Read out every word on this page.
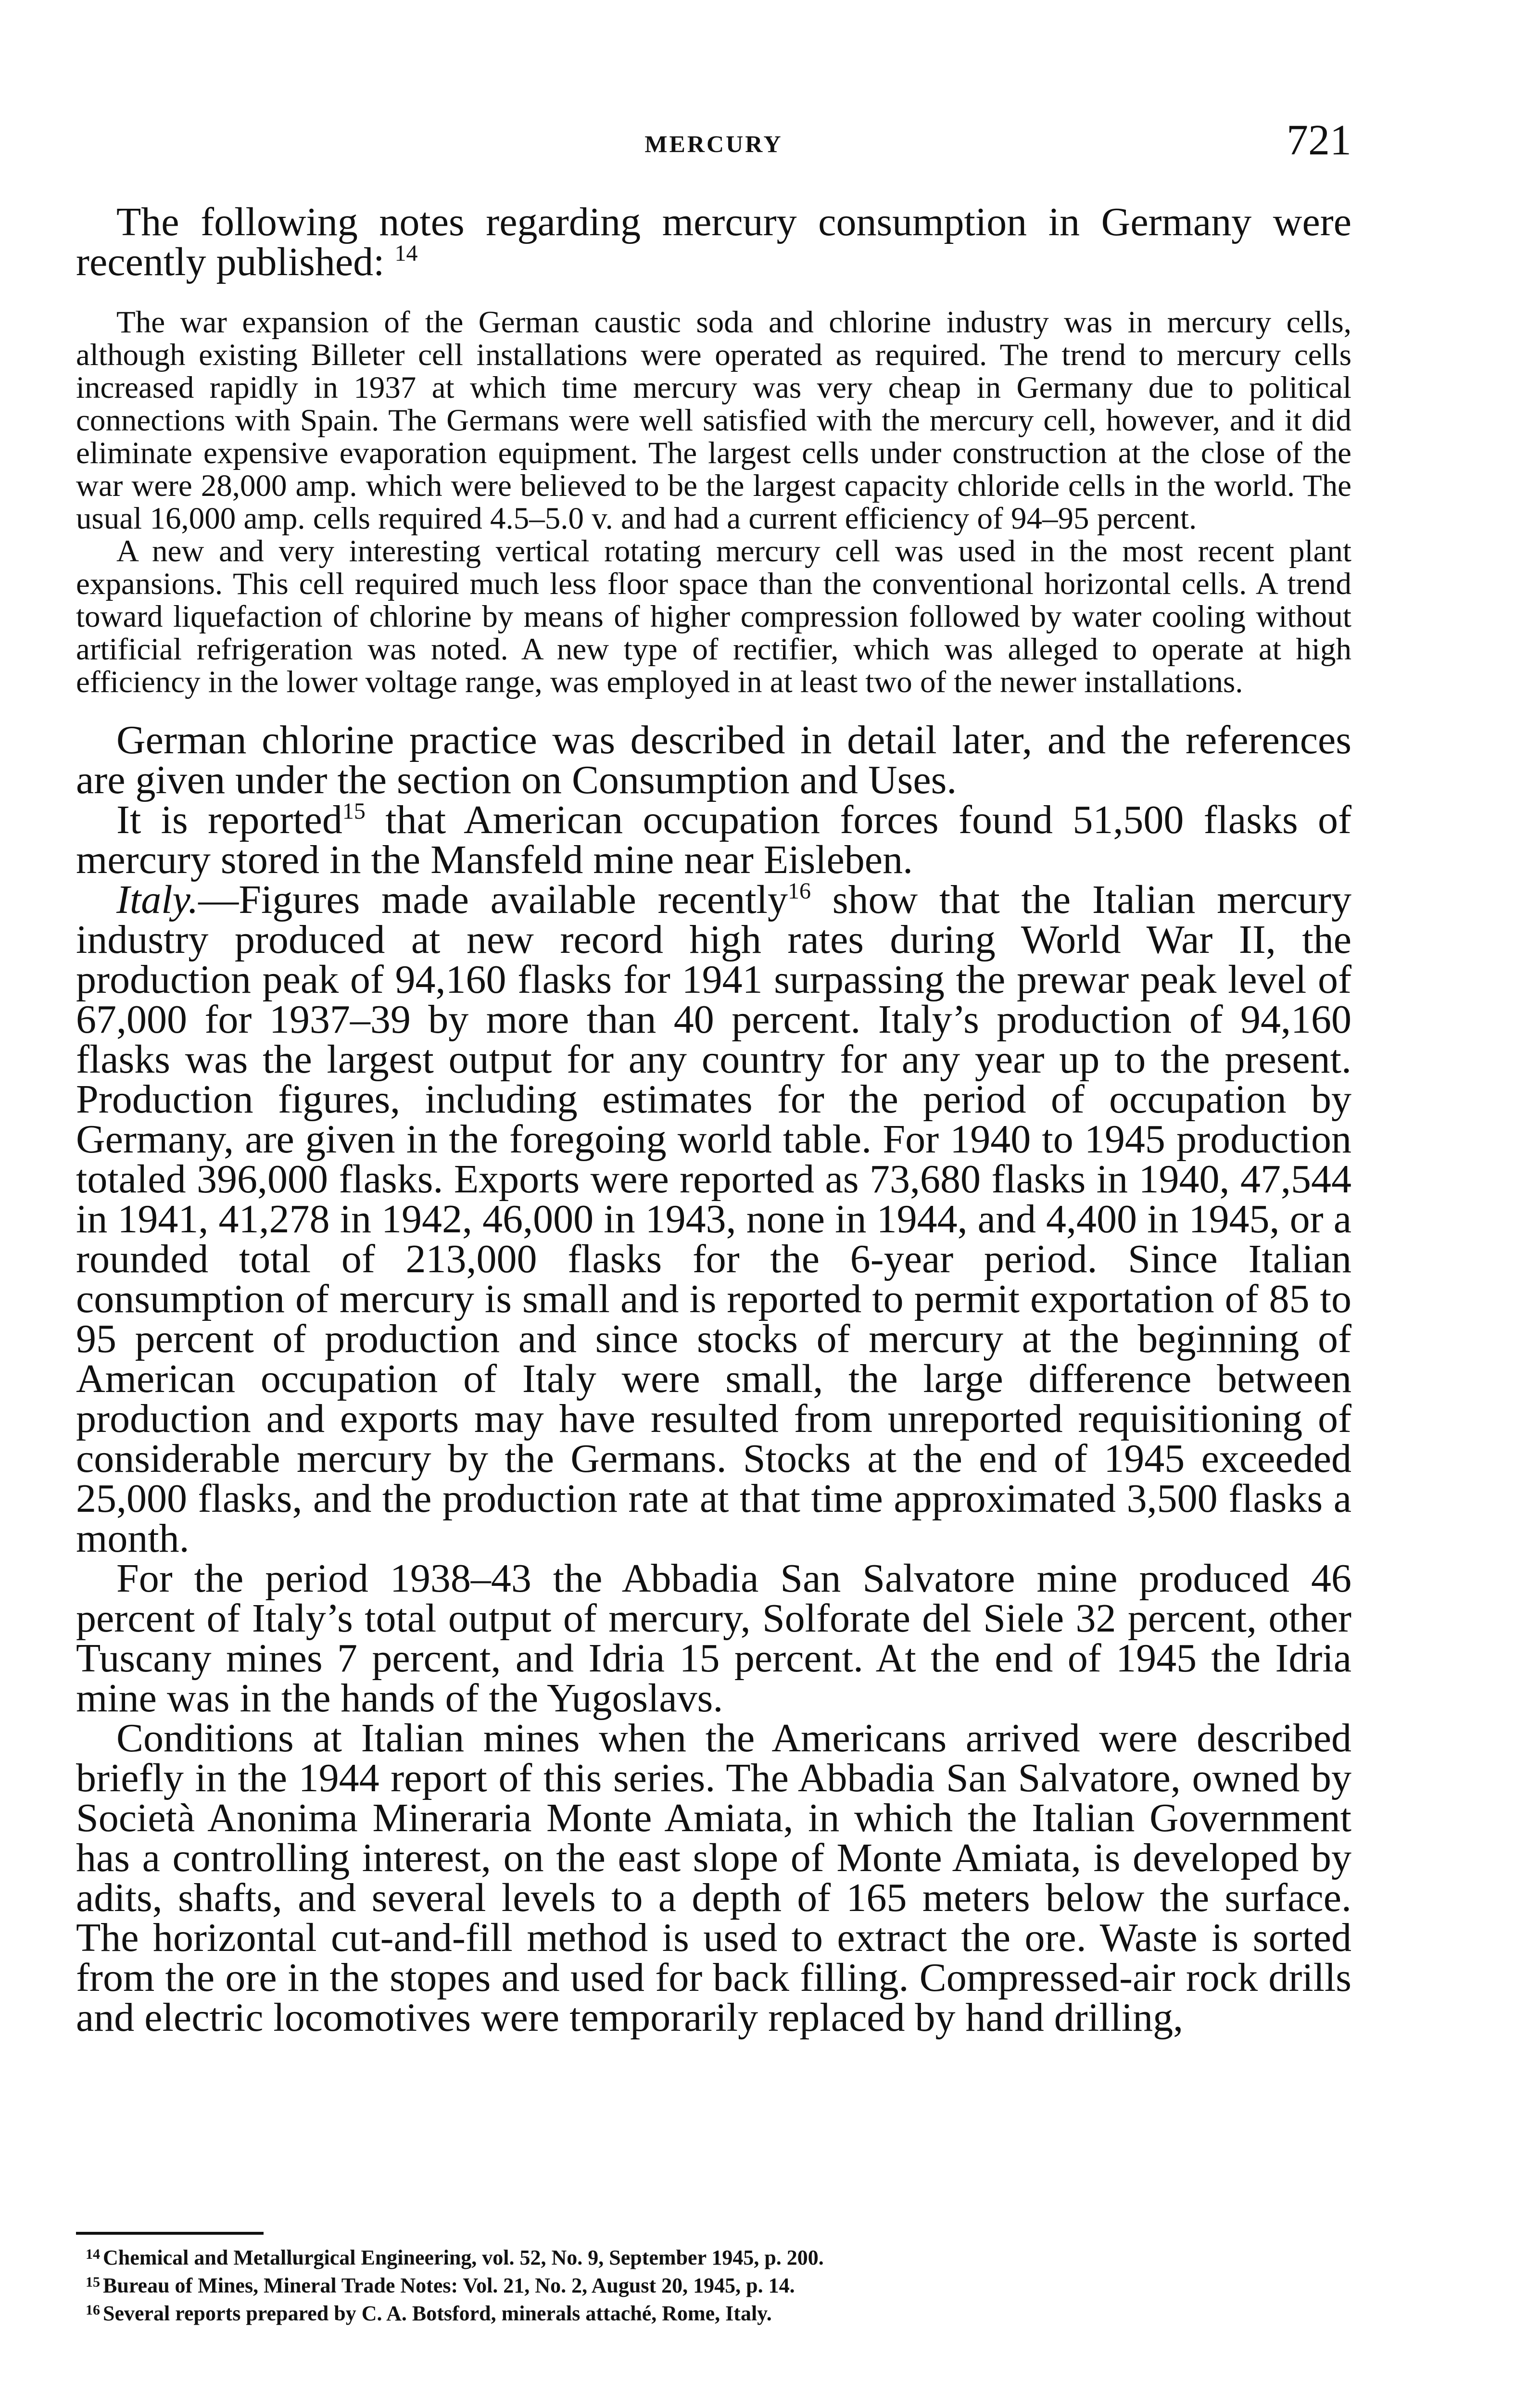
MERCURY	721

The following notes regarding mercury consumption in Germany were recently published: $^{14}$

The war expansion of the German caustic soda and chlorine industry was in mercury cells, although existing Billeter cell installations were operated as required. The trend to mercury cells increased rapidly in 1937 at which time mercury was very cheap in Germany due to political connections with Spain. The Germans were well satisfied with the mercury cell, however, and it did eliminate expensive evaporation equipment. The largest cells under construction at the close of the war were 28,000 amp. which were believed to be the largest capacity chloride cells in the world. The usual 16,000 amp. cells required 4.5–5.0 v. and had a current efficiency of 94–95 percent.

A new and very interesting vertical rotating mercury cell was used in the most recent plant expansions. This cell required much less floor space than the conventional horizontal cells. A trend toward liquefaction of chlorine by means of higher compression followed by water cooling without artificial refrigeration was noted. A new type of rectifier, which was alleged to operate at high efficiency in the lower voltage range, was employed in at least two of the newer installations.

German chlorine practice was described in detail later, and the references are given under the section on Consumption and Uses.

It is reported$^{15}$ that American occupation forces found 51,500 flasks of mercury stored in the Mansfeld mine near Eisleben.

Italy.—Figures made available recently$^{16}$ show that the Italian mercury industry produced at new record high rates during World War II, the production peak of 94,160 flasks for 1941 surpassing the prewar peak level of 67,000 for 1937–39 by more than 40 percent. Italy’s production of 94,160 flasks was the largest output for any country for any year up to the present. Production figures, including estimates for the period of occupation by Germany, are given in the foregoing world table. For 1940 to 1945 production totaled 396,000 flasks. Exports were reported as 73,680 flasks in 1940, 47,544 in 1941, 41,278 in 1942, 46,000 in 1943, none in 1944, and 4,400 in 1945, or a rounded total of 213,000 flasks for the 6-year period. Since Italian consumption of mercury is small and is reported to permit exportation of 85 to 95 percent of production and since stocks of mercury at the beginning of American occupation of Italy were small, the large difference between production and exports may have resulted from unreported requisitioning of considerable mercury by the Germans. Stocks at the end of 1945 exceeded 25,000 flasks, and the production rate at that time approximated 3,500 flasks a month.

For the period 1938–43 the Abbadia San Salvatore mine produced 46 percent of Italy’s total output of mercury, Solforate del Siele 32 percent, other Tuscany mines 7 percent, and Idria 15 percent. At the end of 1945 the Idria mine was in the hands of the Yugoslavs.

Conditions at Italian mines when the Americans arrived were described briefly in the 1944 report of this series. The Abbadia San Salvatore, owned by Società Anonima Mineraria Monte Amiata, in which the Italian Government has a controlling interest, on the east slope of Monte Amiata, is developed by adits, shafts, and several levels to a depth of 165 meters below the surface. The horizontal cut-and-fill method is used to extract the ore. Waste is sorted from the ore in the stopes and used for back filling. Compressed-air rock drills and electric locomotives were temporarily replaced by hand drilling,

$^{14}$ Chemical and Metallurgical Engineering, vol. 52, No. 9, September 1945, p. 200.

$^{15}$ Bureau of Mines, Mineral Trade Notes: Vol. 21, No. 2, August 20, 1945, p. 14.

$^{16}$ Several reports prepared by C. A. Botsford, minerals attaché, Rome, Italy.
